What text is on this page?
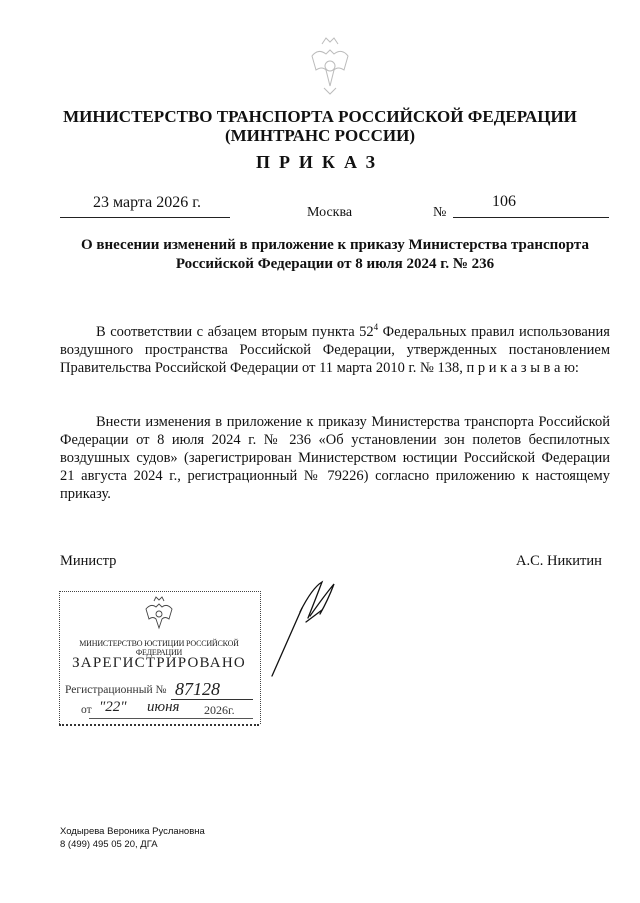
МИНИСТЕРСТВО ТРАНСПОРТА РОССИЙСКОЙ ФЕДЕРАЦИИ
(МИНТРАНС РОССИИ)
ПРИКАЗ
23 марта 2026 г.
Москва	№
106
О внесении изменений в приложение к приказу Министерства транспорта
Российской Федерации от 8 июля 2024 г. № 236
В соответствии с абзацем вторым пункта $52^4$ Федеральных правил использования воздушного пространства Российской Федерации, утвержденных постановлением Правительства Российской Федерации от 11 марта 2010 г. № 138, п р и к а з ы в а ю:
Внести изменения в приложение к приказу Министерства транспорта Российской Федерации от 8 июля 2024 г. № 236 «Об установлении зон полетов беспилотных воздушных судов» (зарегистрирован Министерством юстиции Российской Федерации 21 августа 2024 г., регистрационный № 79226) согласно приложению к настоящему приказу.
Министр	А.С. Никитин
МИНИСТЕРСТВО ЮСТИЦИИ РОССИЙСКОЙ ФЕДЕРАЦИИ
ЗАРЕГИСТРИРОВАНО
Регистрационный № 87128
от "22" июня 2026г.
Ходырева Вероника Руслановна
8 (499) 495 05 20, ДГА
